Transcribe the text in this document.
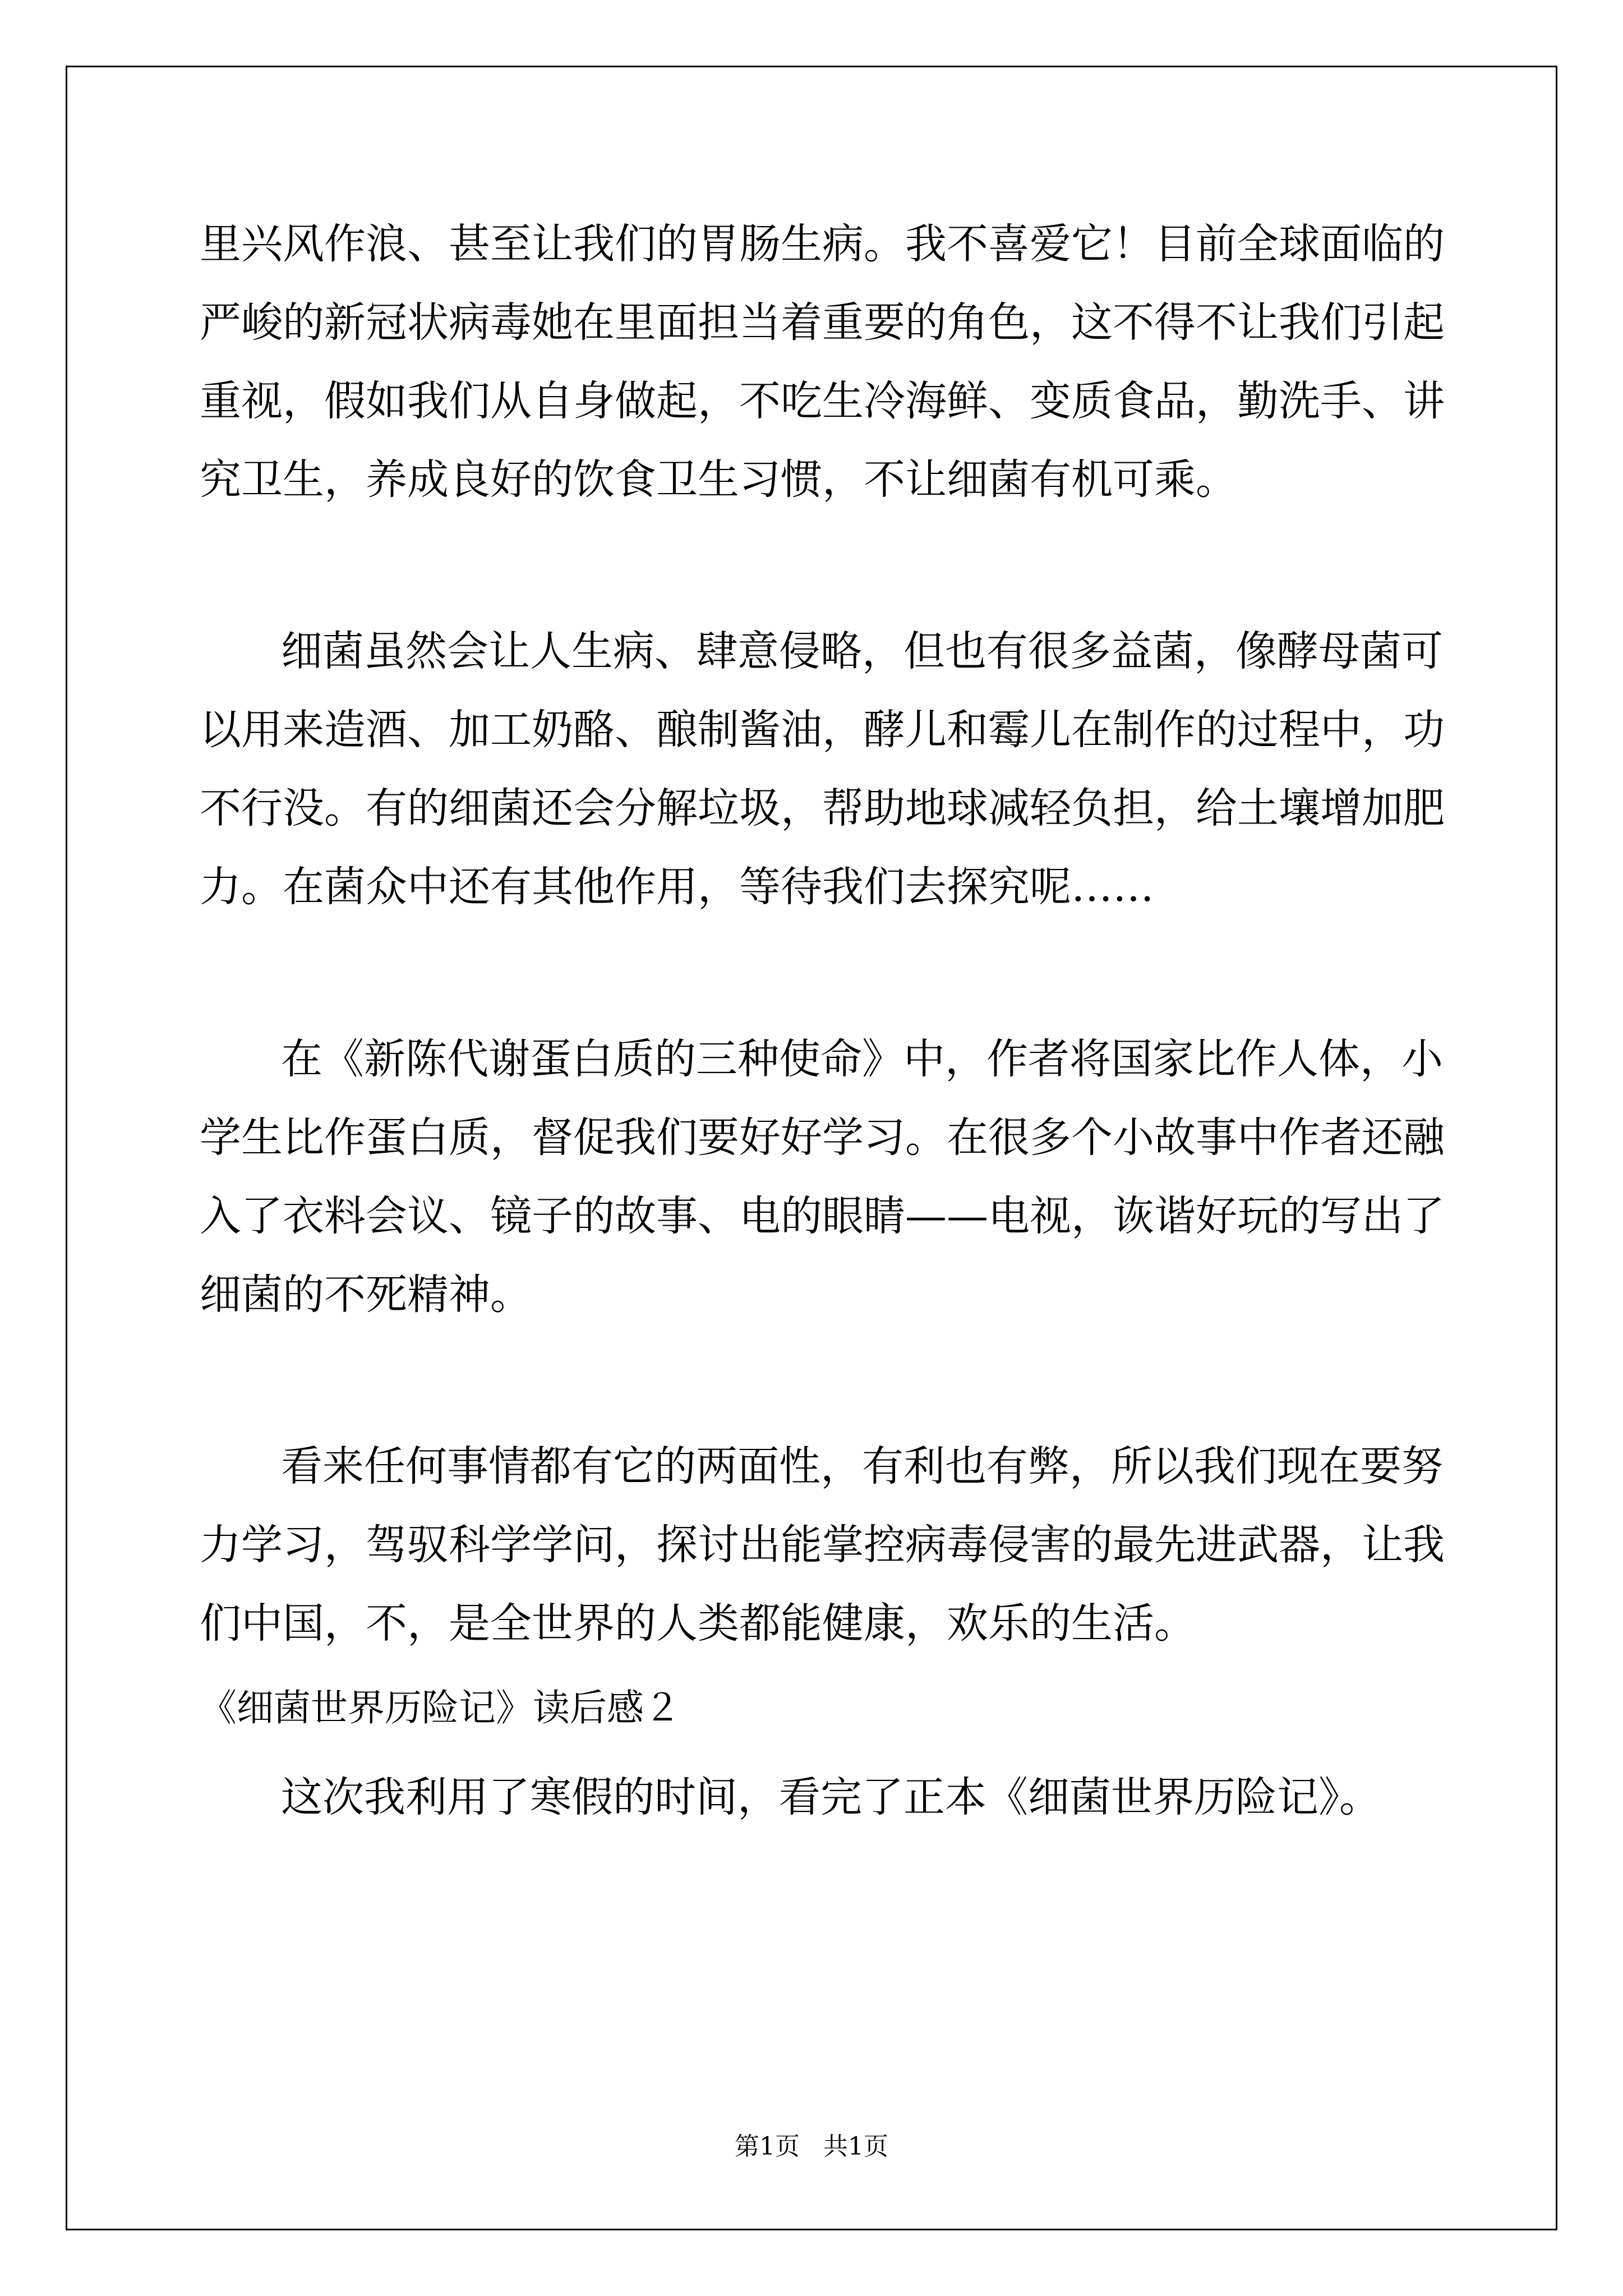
里兴风作浪、甚至让我们的胃肠生病。我不喜爱它！目前全球面临的
严峻的新冠状病毒她在里面担当着重要的角色，这不得不让我们引起
重视，假如我们从自身做起，不吃生冷海鲜、变质食品，勤洗手、讲
究卫生，养成良好的饮食卫生习惯，不让细菌有机可乘。
细菌虽然会让人生病、肆意侵略，但也有很多益菌，像酵母菌可
以用来造酒、加工奶酪、酿制酱油，酵儿和霉儿在制作的过程中，功
不行没。有的细菌还会分解垃圾，帮助地球减轻负担，给土壤增加肥
力。在菌众中还有其他作用，等待我们去探究呢……
在《新陈代谢蛋白质的三种使命》中，作者将国家比作人体，小
学生比作蛋白质，督促我们要好好学习。在很多个小故事中作者还融
入了衣料会议、镜子的故事、电的眼睛——电视，诙谐好玩的写出了
细菌的不死精神。
看来任何事情都有它的两面性，有利也有弊，所以我们现在要努
力学习，驾驭科学学问，探讨出能掌控病毒侵害的最先进武器，让我
们中国，不，是全世界的人类都能健康，欢乐的生活。
《细菌世界历险记》读后感２
这次我利用了寒假的时间，看完了正本《细菌世界历险记》。
第1页   共1页
